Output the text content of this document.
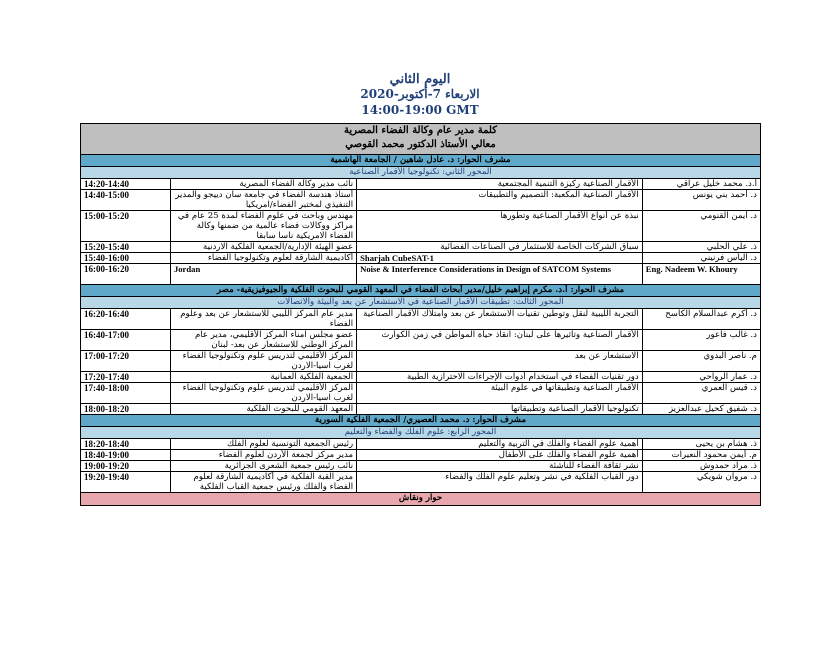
اليوم الثاني
الاربعاء 7-أكتوبر-2020
14:00-19:00 GMT
كلمة مدير عام وكالة الفضاء المصرية
معالي الأستاذ الدكتور محمد القوصي			

مشرف الحوار: د. عادل شاهين / الجامعة الهاشمية			
المحور الثاني: تكنولوجيا الأقمار الصناعية			
14:20-14:40	نائب مدير وكالة الفضاء المصرية	الأقمار الصناعية ركيزة التنمية المجتمعية	أ.د. محمد خليل عراقي
14:40-15:00	أستاذ هندسة الفضاء في جامعة سان دييجو والمدير التنفيذي لمختبر الفضاء/امريكيا	الأقمار الصناعية المكعبة: التصميم والتطبيقات	د. أحمد بني يونس
15:00-15:20	مهندس وباحث في علوم الفضاء لمدة 25 عام في مراكز ووكالات فضاء عالمية من ضمنها وكالة الفضاء الامريكية ناسا سابقا	نبذة عن أنواع الأقمار الصناعية وتطورها	د. أيمن القنومي
15:20-15:40	عضو الهيئة الإدارية/الجمعية الفلكية الاردنية	سباق الشركات الخاصة للاستثمار في الصناعات الفضائية	ذ. علي الحلبي
15:40-16:00	أكاديمية الشارقة لعلوم وتكنولوجيا الفضاء	Sharjah CubeSAT-1	د. الياس فرنيني
16:00-16:20	Jordan	Noise & Interference Considerations in Design of SATCOM Systems	Eng. Nadeem W. Khoury
مشرف الحوار: أ.د. مكرم إبراهيم خليل/مدير أبحاث الفضاء في المعهد القومي للبحوث الفلكية والجيوفيزيقية- مصر			
المحور الثالث: تطبيقات الأقمار الصناعية في الاستشعار عن بعد والبيئة والاتصالات			
16:20-16:40	مدير عام المركز الليبي للاستشعار عن بعد وعلوم الفضاء	التجربة الليبية لنقل وتوطين تقنيات الاستشعار عن بعد وامتلاك الأقمار الصناعية	د. أكرم عبدالسلام الكاسح
16:40-17:00	عضو مجلس امناء المركز الأقليمي، مدير عام المركز الوطني للاستشعار عن بعد- لبنان	الأقمار الصناعية وتأثيرها على لبنان: انقاذ حياة المواطن في زمن الكوارث	د. غالب فاعور
17:00-17:20	المركز الأقليمي لتدريس علوم وتكنولوجيا الفضاء لغرب اسيا-الاردن	الاستشعار عن بعد	م. ناصر البدوي
17:20-17:40	الجمعية الفلكية العمانية	دور تقنيات الفضاء في استخدام أدوات الإجراءات الاحترازية الطبية	د. عمار الرواحي
17:40-18:00	المركز الأقليمي لتدريس علوم وتكنولوجيا الفضاء لغرب اسيا-الاردن	الأقمار الصناعية وتطبيقاتها في علوم البيئة	د. قيس العمري
18:00-18:20	المعهد القومي للبحوث الفلكية	تكنولوجيا الأقمار الصناعية وتطبيقاتها	د. شفيق كحيل عبدالعزيز
مشرف الحوار: د. محمد العصيري/ الجمعية الفلكية السورية			
المحور الرابع: علوم الفلك والفضاء والتعليم			
18:20-18:40	رئيس الجمعية التونسية لعلوم الفلك	أهمية علوم الفضاء والفلك في التربية والتعليم	ذ. هشام بن يحيى
18:40-19:00	مدير مركز لجمعة الأردن لعلوم الفضاء	أهمية علوم الفضاء والفلك على الأطفال	م. أيمن محمود النعيرات
19:00-19:20	نائب رئيس جمعية الشعرى الجزائرية	نشر ثقافة الفضاء للناشئة	ذ. مراد حمدوش
19:20-19:40	مدير القبة الفلكية في أكاديمية الشارقة لعلوم الفضاء والفلك ورئيس جمعية القباب الفلكية	دور القباب الفلكية في نشر وتعليم علوم الفلك والفضاء	د. مروان شويكي
حوار ونقاش			
